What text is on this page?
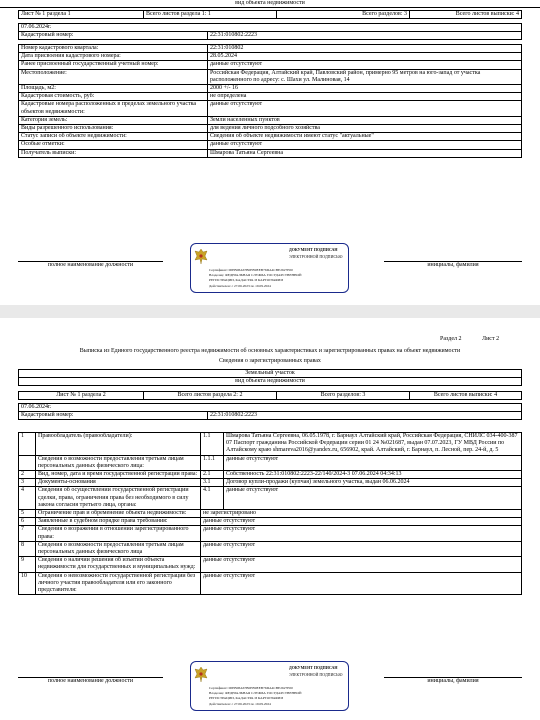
вид объекта недвижимости
Лист № 1 раздела 1	Всего листов раздела 1: 1	Всего разделов: 3	Всего листов выписки: 4
07.06.2024г.
Кадастровый номер:	22:31:010802:2223
Номер кадастрового квартала:	22:31:010802
Дата присвоения кадастрового номера:	28.05.2024
Ранее присвоенный государственный учетный номер:	данные отсутствуют
Местоположение:	Российская Федерация, Алтайский край, Павловский район, примерно 95 метров на юго-запад от участка расположенного по адресу: с. Шахи ул. Малиновая, 14
Площадь, м2:	2000 +/- 16
Кадастровая стоимость, руб:	не определена
Кадастровые номера расположенных в пределах земельного участка объектов недвижимости:	данные отсутствуют
Категория земель:	Земли населенных пунктов
Виды разрешенного использования:	для ведения личного подсобного хозяйства
Статус записи об объекте недвижимости:	Сведения об объекте недвижимости имеют статус "актуальные"
Особые отметки:	данные отсутствуют
Получатель выписки:	Шмарова Татьяна Сергеевна
полное наименование должности	инициалы, фамилия
ДОКУМЕНТ ПОДПИСАН
ЭЛЕКТРОННОЙ ПОДПИСЬЮ
Сертификат: 00ЕВ08А67В0ЕВ9ЕЕВ76DА4СВЕ2627Е00
Владелец: ФЕДЕРАЛЬНАЯ СЛУЖБА ГОСУДАРСТВЕННОЙ
РЕГИСТРАЦИИ, КАДАСТРА И КАРТОГРАФИИ
Действителен: с 27.06.2023 по 19.09.2024
Раздел 2	Лист 2
Выписка из Единого государственного реестра недвижимости об основных характеристиках и зарегистрированных правах на объект недвижимости
Сведения о зарегистрированных правах
Земельный участок
вид объекта недвижимости
Лист № 1 раздела 2	Всего листов раздела 2: 2	Всего разделов: 3	Всего листов выписки: 4
07.06.2024г.
Кадастровый номер:	22:31:010802:2223
1	Правообладатель (правообладатели):	1.1	Шмарова Татьяна Сергеевна, 06.05.1978, г. Барнаул Алтайский край, Российская Федерация, СНИЛС 034-400-387 07 Паспорт гражданина Российской Федерации серии 01 24 №021687, выдан 07.07.2023, ГУ МВД России по Алтайскому краю shmareva2016@yandex.ru, 656902, край. Алтайский, г. Барнаул, п. Лесной, пер. 24-й, д. 5
	Сведения о возможности предоставления третьим лицам персональных данных физического лица:	1.1.1	данные отсутствуют
2	Вид, номер, дата и время государственной регистрации права:	2.1	Собственность 22:31:010802:2223-22/140/2024-3 07.06.2024 04:34:13
3	Документы-основания	3.1	Договор купли-продажи (купчая) земельного участка, выдан 06.06.2024
4	Сведения об осуществлении государственной регистрации сделки, права, ограничения права без необходимого в силу закона согласия третьего лица, органа:	4.1	данные отсутствуют
5	Ограничение прав и обременение объекта недвижимости:	не зарегистрировано	
6	Заявленные в судебном порядке права требования:	данные отсутствуют	
7	Сведения о возражении в отношении зарегистрированного права:	данные отсутствуют	
8	Сведения о возможности предоставления третьим лицам персональных данных физического лица	данные отсутствуют	
9	Сведения о наличии решения об изъятии объекта недвижимости для государственных и муниципальных нужд:	данные отсутствуют	
10	Сведения о невозможности государственной регистрации без личного участия правообладателя или его законного представителя:	данные отсутствуют	
полное наименование должности	инициалы, фамилия
ДОКУМЕНТ ПОДПИСАН
ЭЛЕКТРОННОЙ ПОДПИСЬЮ
Сертификат: 00ЕВ08А67В0ЕВ9ЕЕВ76DА4СВЕ2627Е00
Владелец: ФЕДЕРАЛЬНАЯ СЛУЖБА ГОСУДАРСТВЕННОЙ
РЕГИСТРАЦИИ, КАДАСТРА И КАРТОГРАФИИ
Действителен: с 27.06.2023 по 19.09.2024
